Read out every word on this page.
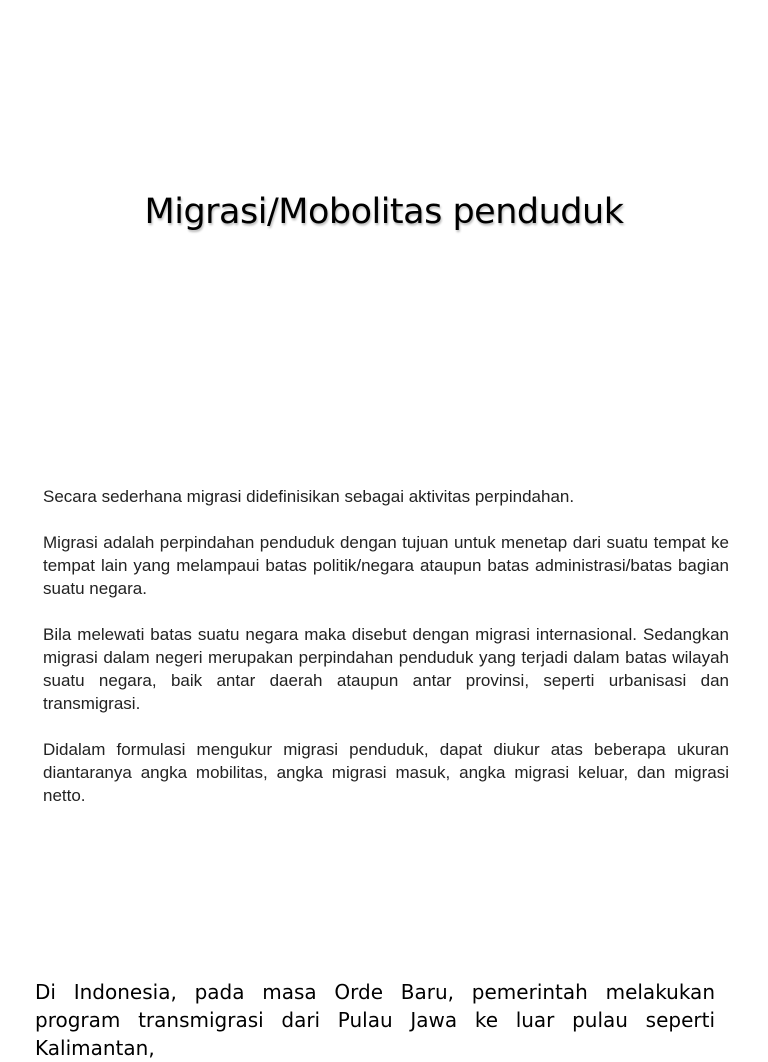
Migrasi/Mobolitas penduduk

Secara sederhana migrasi didefinisikan sebagai aktivitas perpindahan.

Migrasi adalah perpindahan penduduk dengan tujuan untuk menetap dari suatu tempat ke tempat lain yang melampaui batas politik/negara ataupun batas administrasi/batas bagian suatu negara.

Bila melewati batas suatu negara maka disebut dengan migrasi internasional. Sedangkan migrasi dalam negeri merupakan perpindahan penduduk yang terjadi dalam batas wilayah suatu negara, baik antar daerah ataupun antar provinsi, seperti urbanisasi dan transmigrasi.

Didalam formulasi mengukur migrasi penduduk, dapat diukur atas beberapa ukuran diantaranya angka mobilitas, angka migrasi masuk, angka migrasi keluar, dan migrasi netto.

Di Indonesia, pada masa Orde Baru, pemerintah melakukan program transmigrasi dari Pulau Jawa ke luar pulau seperti Kalimantan,
